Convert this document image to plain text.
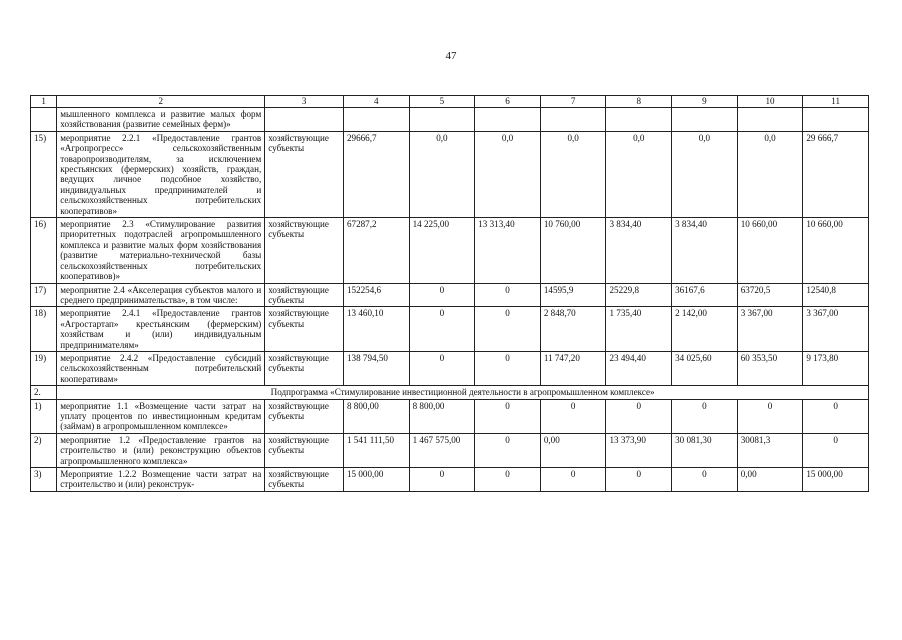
47
1	2	3	4	5	6	7	8	9	10	11
	мышленного комплекса и развитие малых форм хозяйствования (развитие семейных ферм)»									
15)	мероприятие 2.2.1 «Предоставление грантов «Агропрогресс» сельскохозяйственным товаропроизводителям, за исключением крестьянских (фермерских) хозяйств, граждан, ведущих личное подсобное хозяйство, индивидуальных предпринимателей и сельскохозяйственных потребительских кооперативов»	хозяйствующие субъекты	29666,7	0,0	0,0	0,0	0,0	0,0	0,0	29 666,7
16)	мероприятие 2.3 «Стимулирование развития приоритетных подотраслей агропромышленного комплекса и развитие малых форм хозяйствования (развитие материально-технической базы сельскохозяйственных потребительских кооперативов)»	хозяйствующие субъекты	67287,2	14 225,00	13 313,40	10 760,00	3 834,40	3 834,40	10 660,00	10 660,00
17)	мероприятие 2.4 «Акселерация субъектов малого и среднего предпринимательства», в том числе:	хозяйствующие субъекты	152254,6	0	0	14595,9	25229,8	36167,6	63720,5	12540,8
18)	мероприятие 2.4.1 «Предоставление грантов «Агростартап» крестьянским (фермерским) хозяйствам и (или) индивидуальным предпринимателям»	хозяйствующие субъекты	13 460,10	0	0	2 848,70	1 735,40	2 142,00	3 367,00	3 367,00
19)	мероприятие 2.4.2 «Предоставление субсидий сельскохозяйственным потребительский кооперативам»	хозяйствующие субъекты	138 794,50	0	0	11 747,20	23 494,40	34 025,60	60 353,50	9 173,80
2.	Подпрограмма «Стимулирование инвестиционной деятельности в агропромышленном комплексе»									
1)	мероприятие 1.1 «Возмещение части затрат на уплату процентов по инвестиционным кредитам (займам) в агропромышленном комплексе»	хозяйствующие субъекты	8 800,00	8 800,00	0	0	0	0	0	0
2)	мероприятие 1.2 «Предоставление грантов на строительство и (или) реконструкцию объектов агропромышленного комплекса»	хозяйствующие субъекты	1 541 111,50	1 467 575,00	0	0,00	13 373,90	30 081,30	30081,3	0
3)	Мероприятие 1.2.2 Возмещение части затрат на строительство и (или) реконструк-	хозяйствующие субъекты	15 000,00	0	0	0	0	0	0,00	15 000,00
